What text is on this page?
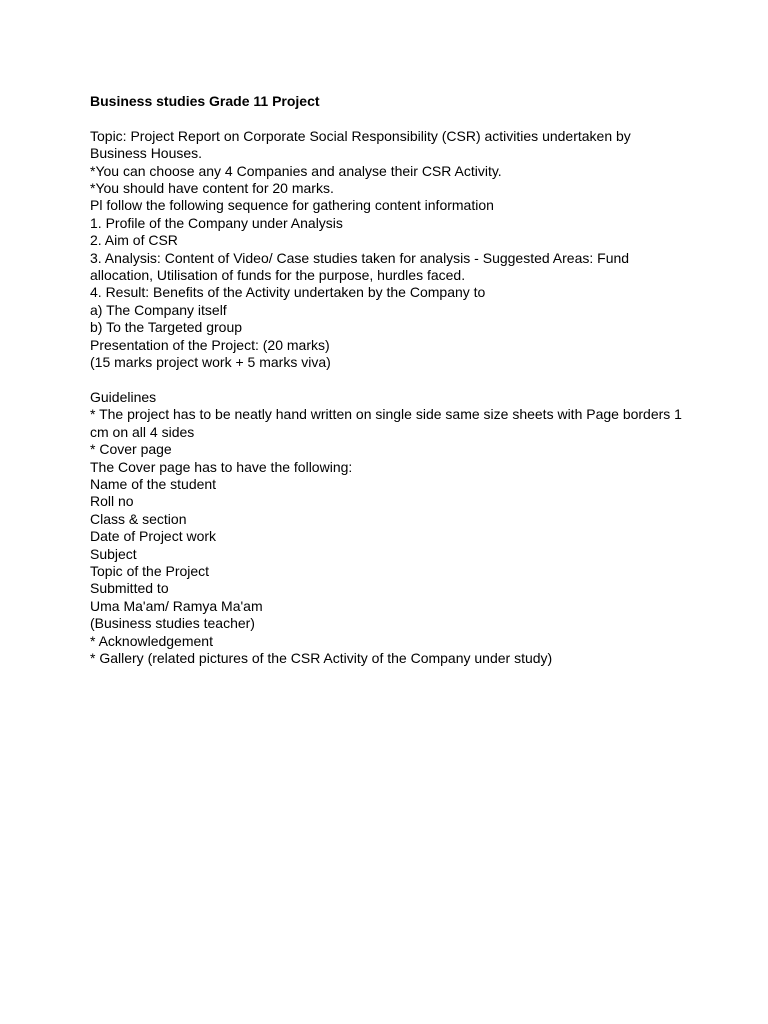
Business studies Grade 11 Project

Topic: Project Report on Corporate Social Responsibility (CSR) activities undertaken by Business Houses.

*You can choose any 4 Companies and analyse their CSR Activity.

*You should have content for 20 marks.

Pl follow the following sequence for gathering content information

1. Profile of the Company under Analysis

2. Aim of CSR

3. Analysis: Content of Video/ Case studies taken for analysis - Suggested Areas: Fund allocation, Utilisation of funds for the purpose, hurdles faced.

4. Result: Benefits of the Activity undertaken by the Company to

a) The Company itself

b) To the Targeted group

Presentation of the Project: (20 marks)

(15 marks project work + 5 marks viva)

Guidelines

* The project has to be neatly hand written on single side same size sheets with Page borders 1 cm on all 4 sides

* Cover page

The Cover page has to have the following:

Name of the student

Roll no

Class & section

Date of Project work

Subject

Topic of the Project

Submitted to

Uma Ma'am/ Ramya Ma'am

(Business studies teacher)

* Acknowledgement

* Gallery (related pictures of the CSR Activity of the Company under study)
